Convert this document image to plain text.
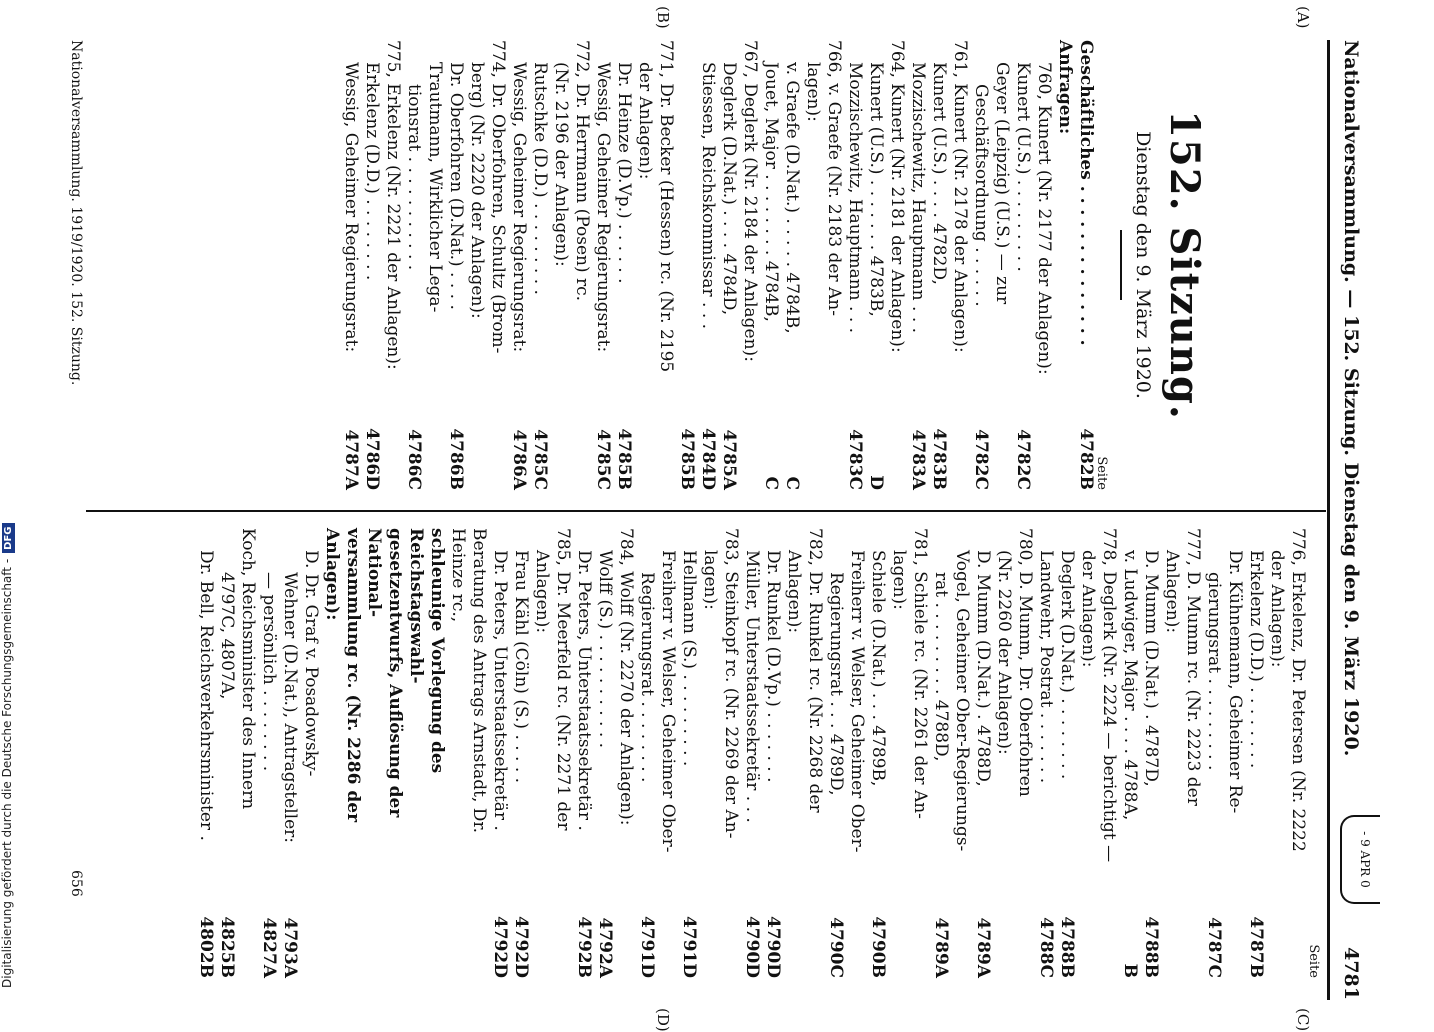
Nationalversammlung. — 152. Sitzung. Dienstag den 9. März 1920.
4781
- 9 APR 0
(A)
(B)
(C)
(D)
152. Sitzung.
Dienstag den 9. März 1920.
Seite
Geschäftliches . . . . . . . . . . . . . .
4782B
Anfragen:
760, Kunert (Nr. 2177 der Anlagen):
Kunert (U.S.) . . . . . . . . .
4782C
Geyer (Leipzig) (U.S.) — zur
Geschäftsordnung . . . . . .
4782C
761, Kunert (Nr. 2178 der Anlagen):
Kunert (U.S.) . . . . 4782D,
4783B
Mozzischewitz, Hauptmann . . .
4783A
764, Kunert (Nr. 2181 der Anlagen):
Kunert (U.S.) . . . . . . . 4783B,
D
Mozzischewitz, Hauptmann . . .
4783C
766, v. Graefe (Nr. 2183 der An-
lagen):
v. Graefe (D.Nat.) . . . . . 4784B,
C
Jouet, Major . . . . . . . . 4784B,
C
767, Deglerk (Nr. 2184 der Anlagen):
Deglerk (D.Nat.) . . . . 4784D,
4785A
Stiessen, Reichskommissar . . .
4784D
4785B
771, Dr. Becker (Hessen) rc. (Nr. 2195
der Anlagen):
Dr. Heinze (D.Vp.) . . . . . .
4785B
Wessig, Geheimer Regierungsrat:
4785C
772, Dr. Herrmann (Posen) rc.
(Nr. 2196 der Anlagen):
Rutschke (D.D.) . . . . . . . . .
4785C
Wessig, Geheimer Regierungsrat:
4786A
774, Dr. Oberfohren, Schultz (Brom-
berg) (Nr. 2220 der Anlagen):
Dr. Oberfohren (D.Nat.) . . . .
4786B
Trautmann, Wirklicher Lega-
tionsrat . . . . . . . . . . .
4786C
775, Erkelenz (Nr. 2221 der Anlagen):
Erkelenz (D.D.) . . . . . . . .
4786D
Wessig, Geheimer Regierungsrat:
4787A
Seite
776, Erkelenz, Dr. Petersen (Nr. 2222
der Anlagen):
Erkelenz (D.D.) . . . . . . . .
4787B
Dr. Kühnemann, Geheimer Re-
gierungsrat . . . . . . . . .
4787C
777, D. Mumm rc. (Nr. 2223 der
Anlagen):
D. Mumm (D.Nat.) . 4787D,
4788B
v. Ludwiger, Major . . . . 4788A,
B
778, Deglerk (Nr. 2224 — berichtigt —
der Anlagen):
Deglerk (D.Nat.) . . . . . . . .
4788B
Landwehr, Postrat . . . . . . .
4788C
780, D. Mumm, Dr. Oberfohren
(Nr. 2260 der Anlagen):
D. Mumm (D.Nat.) . 4788D,
4789A
Vogel, Geheimer Ober-Regierungs-
rat . . . . . . . . . 4788D,
4789A
781, Schiele rc. (Nr. 2261 der An-
lagen):
Schiele (D.Nat.) . . . 4789B,
4790B
Freiherr v. Welser, Geheimer Ober-
Regierungsrat . . . 4789D,
4790C
782, Dr. Runkel rc. (Nr. 2268 der
Anlagen):
Dr. Runkel (D.Vp.) . . . . . . .
4790D
Müller, Unterstaatssekretär . . .
4790D
783, Steinkopf rc. (Nr. 2269 der An-
lagen):
Hellmann (S.) . . . . . . . . .
4791D
Freiherr v. Welser, Geheimer Ober-
Regierungsrat . . . . . . . .
4791D
784, Wolff (Nr. 2270 der Anlagen):
Wolff (S.) . . . . . . . . . . .
4792A
Dr. Peters, Unterstaatssekretär .
4792B
785, Dr. Meerfeld rc. (Nr. 2271 der
Anlagen):
Frau Kähl (Cöln) (S.) . . . . .
4792D
Dr. Peters, Unterstaatssekretär .
4792D
Beratung des Antrags Arnstadt, Dr. Heinze rc.,
schleunige Vorlegung des Reichstagswahl-
gesetzentwurfs, Auflösung der National-
versammlung rc. (Nr. 2286 der Anlagen):
D. Dr. Graf v. Posadowsky-
Wehner (D.Nat.), Antragsteller:
4793A
— persönlich . . . . . . . .
4827A
Koch, Reichsminister des Innern
4797C, 4807A,
4825B
Dr. Bell, Reichsverkehrsminister .
4802B
Nationalversammlung. 1919/1920. 152. Sitzung.
656
Digitalisierung gefördert durch die Deutsche Forschungsgemeinschaft -DFG
